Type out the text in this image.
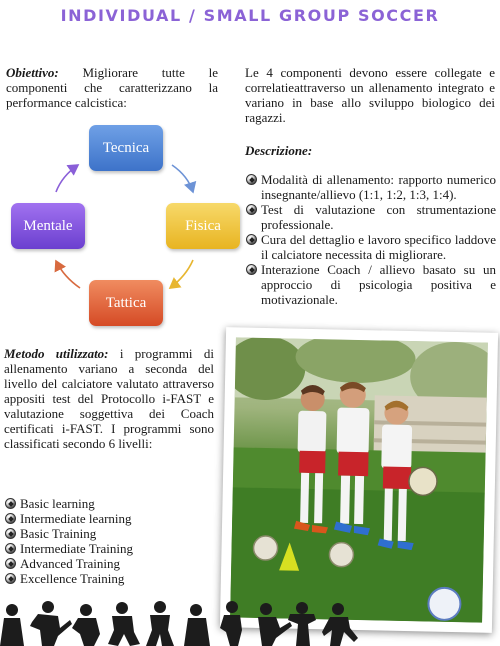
INDIVIDUAL / SMALL GROUP SOCCER

Obiettivo: Migliorare tutte le componenti che caratterizzano la performance calcistica:

Le 4 componenti devono essere collegate e correlatieattraverso un allenamento integrato e variano in base allo sviluppo biologico dei ragazzi.

Tecnica
Fisica
Tattica
Mentale

Descrizione:

Modalità di allenamento: rapporto numerico insegnante/allievo (1:1, 1:2, 1:3, 1:4).
Test di valutazione con strumentazione professionale.
Cura del dettaglio e lavoro specifico laddove il calciatore necessita di migliorare.
Interazione Coach / allievo basato su un approccio di psicologia positiva e motivazionale.

Metodo utilizzato: i programmi di allenamento variano a seconda del livello del calciatore valutato attraverso appositi test del Protocollo i-FAST e valutazione soggettiva dei Coach certificati i-FAST. I programmi sono classificati secondo 6 livelli:

Basic learning
Intermediate learning
Basic Training
Intermediate Training
Advanced Training
Excellence Training
